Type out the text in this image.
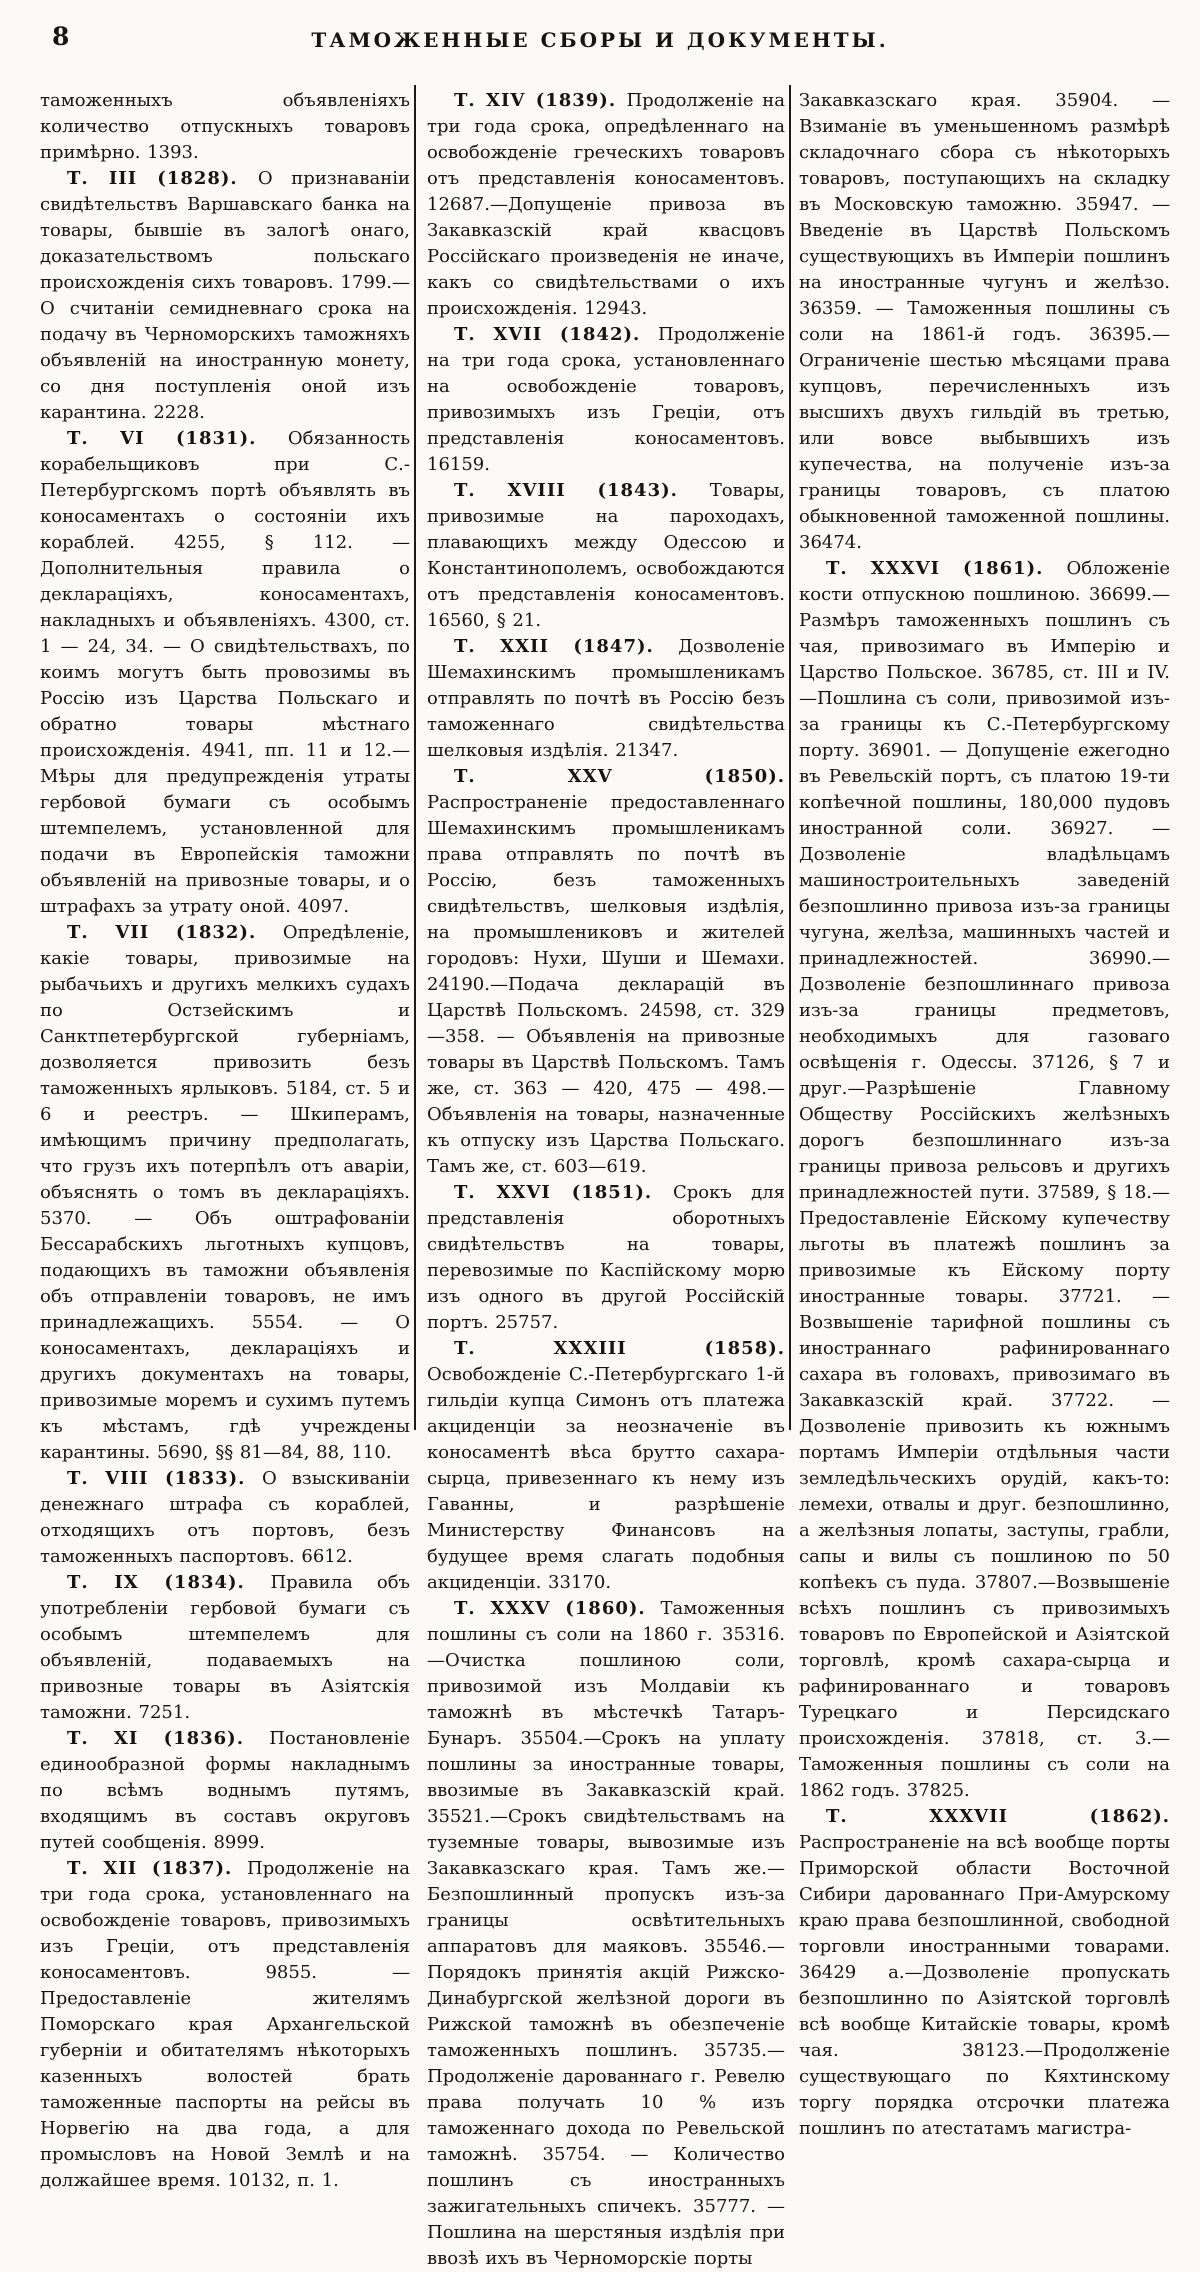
8	ТАМОЖЕННЫЕ СБОРЫ И ДОКУМЕНТЫ.

таможенныхъ объявленіяхъ количество отпускныхъ товаровъ примѣрно. 1393.

Т. III (1828). О признаваніи свидѣтельствъ Варшавскаго банка на товары, бывшіе въ залогѣ онаго, доказательствомъ польскаго происхожденія сихъ товаровъ. 1799.—О считаніи семидневнаго срока на подачу въ Черноморскихъ таможняхъ объявленій на иностранную монету, со дня поступленія оной изъ карантина. 2228.

Т. VI (1831). Обязанность корабельщиковъ при С.-Петербургскомъ портѣ объявлять въ коносаментахъ о состояніи ихъ кораблей. 4255, § 112. — Дополнительныя правила о деклараціяхъ, коносаментахъ, накладныхъ и объявленіяхъ. 4300, ст. 1 — 24, 34. — О свидѣтельствахъ, по коимъ могутъ быть провозимы въ Россію изъ Царства Польскаго и обратно товары мѣстнаго происхожденія. 4941, пп. 11 и 12.—Мѣры для предупрежденія утраты гербовой бумаги съ особымъ штемпелемъ, установленной для подачи въ Европейскія таможни объявленій на привозные товары, и о штрафахъ за утрату оной. 4097.

Т. VII (1832). Опредѣленіе, какіе товары, привозимые на рыбачьихъ и другихъ мелкихъ судахъ по Остзейскимъ и Санктпетербургской губерніамъ, дозволяется привозить безъ таможенныхъ ярлыковъ. 5184, ст. 5 и 6 и реестръ. — Шкиперамъ, имѣющимъ причину предполагать, что грузъ ихъ потерпѣлъ отъ аваріи, объяснять о томъ въ деклараціяхъ. 5370. — Объ оштрафованіи Бессарабскихъ льготныхъ купцовъ, подающихъ въ таможни объявленія объ отправленіи товаровъ, не имъ принадлежащихъ. 5554. — О коносаментахъ, деклараціяхъ и другихъ документахъ на товары, привозимые моремъ и сухимъ путемъ къ мѣстамъ, гдѣ учреждены карантины. 5690, §§ 81—84, 88, 110.

Т. VIII (1833). О взыскиваніи денежнаго штрафа съ кораблей, отходящихъ отъ портовъ, безъ таможенныхъ паспортовъ. 6612.

Т. IX (1834). Правила объ употребленіи гербовой бумаги съ особымъ штемпелемъ для объявленій, подаваемыхъ на привозные товары въ Азіятскія таможни. 7251.

Т. XI (1836). Постановленіе единообразной формы накладнымъ по всѣмъ воднымъ путямъ, входящимъ въ составъ округовъ путей сообщенія. 8999.

Т. XII (1837). Продолженіе на три года срока, установленнаго на освобожденіе товаровъ, привозимыхъ изъ Греціи, отъ представленія коносаментовъ. 9855. — Предоставленіе жителямъ Поморскаго края Архангельской губерніи и обитателямъ нѣкоторыхъ казенныхъ волостей брать таможенные паспорты на рейсы въ Норвегію на два года, а для промысловъ на Новой Землѣ и на должайшее время. 10132, п. 1.

Т. XIV (1839). Продолженіе на три года срока, опредѣленнаго на освобожденіе греческихъ товаровъ отъ представленія коносаментовъ. 12687.—Допущеніе привоза въ Закавказскій край квасцовъ Россійскаго произведенія не иначе, какъ со свидѣтельствами о ихъ происхожденія. 12943.

Т. XVII (1842). Продолженіе на три года срока, установленнаго на освобожденіе товаровъ, привозимыхъ изъ Греціи, отъ представленія коносаментовъ. 16159.

Т. XVIII (1843). Товары, привозимые на пароходахъ, плавающихъ между Одессою и Константинополемъ, освобождаются отъ представленія коносаментовъ. 16560, § 21.

Т. XXII (1847). Дозволеніе Шемахинскимъ промышленикамъ отправлять по почтѣ въ Россію безъ таможеннаго свидѣтельства шелковыя издѣлія. 21347.

Т. XXV (1850). Распространеніе предоставленнаго Шемахинскимъ промышленикамъ права отправлять по почтѣ въ Россію, безъ таможенныхъ свидѣтельствъ, шелковыя издѣлія, на промышлениковъ и жителей городовъ: Нухи, Шуши и Шемахи. 24190.—Подача декларацій въ Царствѣ Польскомъ. 24598, ст. 329—358. — Объявленія на привозные товары въ Царствѣ Польскомъ. Тамъ же, ст. 363 — 420, 475 — 498.—Объявленія на товары, назначенные къ отпуску изъ Царства Польскаго. Тамъ же, ст. 603—619.

Т. XXVI (1851). Срокъ для представленія оборотныхъ свидѣтельствъ на товары, перевозимые по Каспійскому морю изъ одного въ другой Россійскій портъ. 25757.

Т. XXXIII (1858). Освобожденіе С.-Петербургскаго 1-й гильдіи купца Симонъ отъ платежа акциденціи за неозначеніе въ коносаментѣ вѣса брутто сахара-сырца, привезеннаго къ нему изъ Гаванны, и разрѣшеніе Министерству Финансовъ на будущее время слагать подобныя акциденціи. 33170.

Т. XXXV (1860). Таможенныя пошлины съ соли на 1860 г. 35316.—Очистка пошлиною соли, привозимой изъ Молдавіи къ таможнѣ въ мѣстечкѣ Татаръ-Бунаръ. 35504.—Срокъ на уплату пошлины за иностранные товары, ввозимые въ Закавказскій край. 35521.—Срокъ свидѣтельствамъ на туземные товары, вывозимые изъ Закавказскаго края. Тамъ же.—Безпошлинный пропускъ изъ-за границы освѣтительныхъ аппаратовъ для маяковъ. 35546.—Порядокъ принятія акцій Рижско-Динабургской желѣзной дороги въ Рижской таможнѣ въ обезпеченіе таможенныхъ пошлинъ. 35735.—Продолженіе дарованнаго г. Ревелю права получать 10 % изъ таможеннаго дохода по Ревельской таможнѣ. 35754. — Количество пошлинъ съ иностранныхъ зажигательныхъ спичекъ. 35777. — Пошлина на шерстяныя издѣлія при ввозѣ ихъ въ Черноморскіе порты

Закавказскаго края. 35904. — Взиманіе въ уменьшенномъ размѣрѣ складочнаго сбора съ нѣкоторыхъ товаровъ, поступающихъ на складку въ Московскую таможню. 35947. — Введеніе въ Царствѣ Польскомъ существующихъ въ Имперіи пошлинъ на иностранные чугунъ и желѣзо. 36359. — Таможенныя пошлины съ соли на 1861-й годъ. 36395.—Ограниченіе шестью мѣсяцами права купцовъ, перечисленныхъ изъ высшихъ двухъ гильдій въ третью, или вовсе выбывшихъ изъ купечества, на полученіе изъ-за границы товаровъ, съ платою обыкновенной таможенной пошлины. 36474.

Т. XXXVI (1861). Обложеніе кости отпускною пошлиною. 36699.—Размѣръ таможенныхъ пошлинъ съ чая, привозимаго въ Имперію и Царство Польское. 36785, ст. III и IV.—Пошлина съ соли, привозимой изъ-за границы къ С.-Петербургскому порту. 36901. — Допущеніе ежегодно въ Ревельскій портъ, съ платою 19-ти копѣечной пошлины, 180,000 пудовъ иностранной соли. 36927. — Дозволеніе владѣльцамъ машиностроительныхъ заведеній безпошлинно привоза изъ-за границы чугуна, желѣза, машинныхъ частей и принадлежностей. 36990.—Дозволеніе безпошлиннаго привоза изъ-за границы предметовъ, необходимыхъ для газоваго освѣщенія г. Одессы. 37126, § 7 и друг.—Разрѣшеніе Главному Обществу Россійскихъ желѣзныхъ дорогъ безпошлиннаго изъ-за границы привоза рельсовъ и другихъ принадлежностей пути. 37589, § 18.—Предоставленіе Ейскому купечеству льготы въ платежѣ пошлинъ за привозимые къ Ейскому порту иностранные товары. 37721. — Возвышеніе тарифной пошлины съ иностраннаго рафинированнаго сахара въ головахъ, привозимаго въ Закавказскій край. 37722. — Дозволеніе привозить къ южнымъ портамъ Имперіи отдѣльныя части земледѣльческихъ орудій, какъ-то: лемехи, отвалы и друг. безпошлинно, а желѣзныя лопаты, заступы, грабли, сапы и вилы съ пошлиною по 50 копѣекъ съ пуда. 37807.—Возвышеніе всѣхъ пошлинъ съ привозимыхъ товаровъ по Европейской и Азіятской торговлѣ, кромѣ сахара-сырца и рафинированнаго и товаровъ Турецкаго и Персидскаго происхожденія. 37818, ст. 3.—Таможенныя пошлины съ соли на 1862 годъ. 37825.

Т. XXXVII (1862). Распространеніе на всѣ вообще порты Приморской области Восточной Сибири дарованнаго При-Амурскому краю права безпошлинной, свободной торговли иностранными товарами. 36429 а.—Дозволеніе пропускать безпошлинно по Азіятской торговлѣ всѣ вообще Китайскіе товары, кромѣ чая. 38123.—Продолженіе существующаго по Кяхтинскому торгу порядка отсрочки платежа пошлинъ по атестатамъ магистра-
